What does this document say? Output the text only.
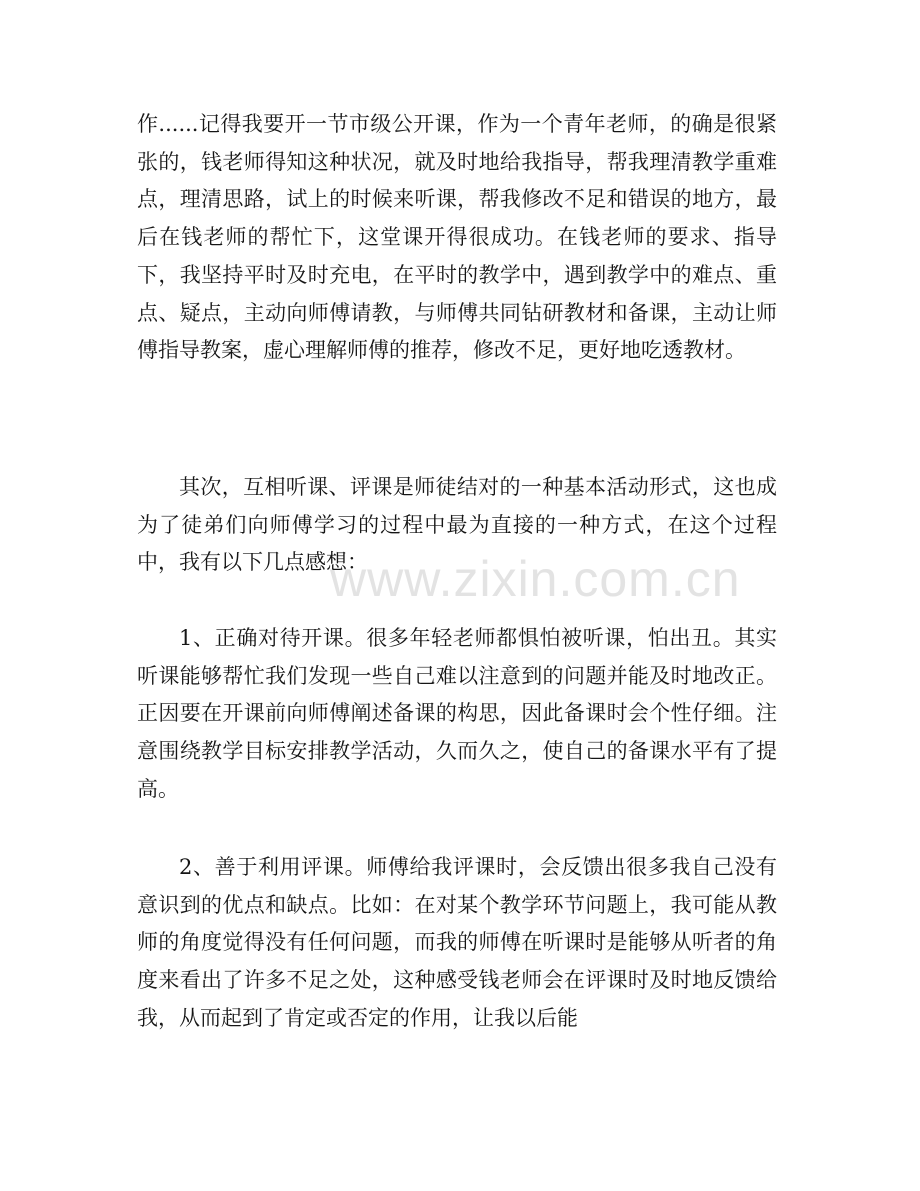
www.zixin.com.cn

作......记得我要开一节市级公开课，作为一个青年老师，的确是很紧张的，钱老师得知这种状况，就及时地给我指导，帮我理清教学重难点，理清思路，试上的时候来听课，帮我修改不足和错误的地方，最后在钱老师的帮忙下，这堂课开得很成功。在钱老师的要求、指导下，我坚持平时及时充电，在平时的教学中，遇到教学中的难点、重点、疑点，主动向师傅请教，与师傅共同钻研教材和备课，主动让师傅指导教案，虚心理解师傅的推荐，修改不足，更好地吃透教材。

其次，互相听课、评课是师徒结对的一种基本活动形式，这也成为了徒弟们向师傅学习的过程中最为直接的一种方式，在这个过程中，我有以下几点感想：

1、正确对待开课。很多年轻老师都惧怕被听课，怕出丑。其实听课能够帮忙我们发现一些自己难以注意到的问题并能及时地改正。正因要在开课前向师傅阐述备课的构思，因此备课时会个性仔细。注意围绕教学目标安排教学活动，久而久之，使自己的备课水平有了提高。

2、善于利用评课。师傅给我评课时，会反馈出很多我自己没有意识到的优点和缺点。比如：在对某个教学环节问题上，我可能从教师的角度觉得没有任何问题，而我的师傅在听课时是能够从听者的角度来看出了许多不足之处，这种感受钱老师会在评课时及时地反馈给我，从而起到了肯定或否定的作用，让我以后能
